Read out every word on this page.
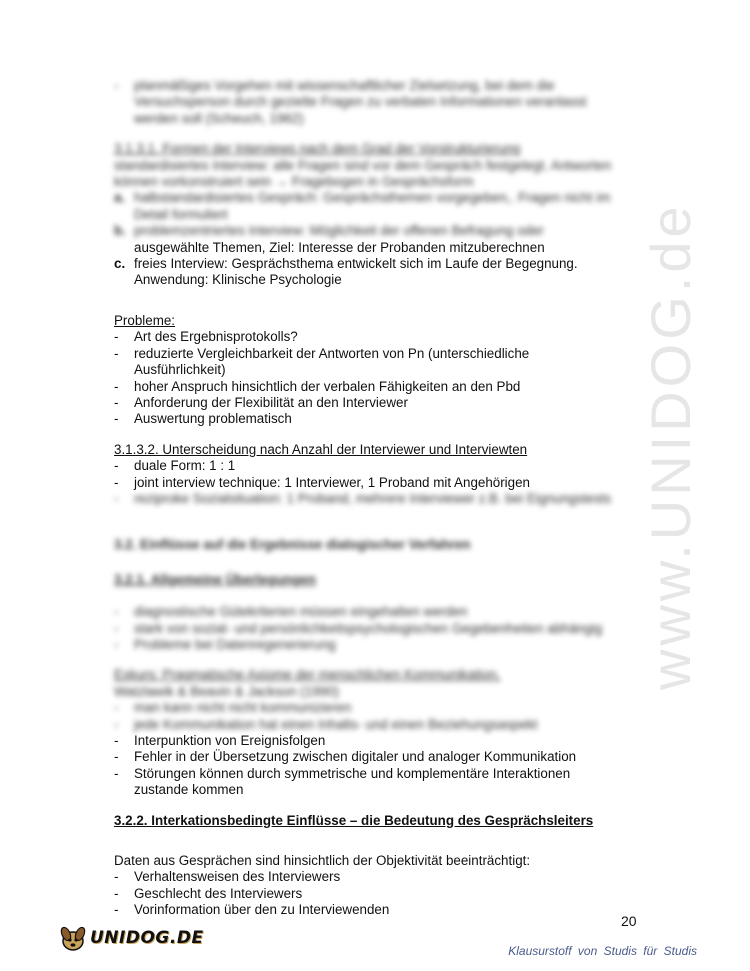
www.UNIDOG.de
-	planmäßiges Vorgehen mit wissenschaftlicher Zielsetzung, bei dem die
Versuchsperson durch gezielte Fragen zu verbalen Informationen veranlasst
werden soll (Scheuch, 1962)
3.1.3.1. Formen der Interviews nach dem Grad der Vorstrukturierung
standardisiertes Interview: alle Fragen sind vor dem Gespräch festgelegt. Antworten
können vorkonstruiert sein → Fragebogen in Gesprächsform
a. halbstandardisiertes Gespräch: Gesprächsthemen vorgegeben,. Fragen nicht im
Detail formuliert
b. problemzentriertes Interview: Möglichkeit der offenen Befragung oder
ausgewählte Themen, Ziel: Interesse der Probanden mitzuberechnen
c. freies Interview: Gesprächsthema entwickelt sich im Laufe der Begegnung.
Anwendung: Klinische Psychologie
Probleme:
-	Art des Ergebnisprotokolls?
-	reduzierte Vergleichbarkeit der Antworten von Pn (unterschiedliche Ausführlichkeit)
-	hoher Anspruch hinsichtlich der verbalen Fähigkeiten an den Pbd
-	Anforderung der Flexibilität an den Interviewer
-	Auswertung problematisch
3.1.3.2. Unterscheidung nach Anzahl der Interviewer und Interviewten
-	duale Form: 1 : 1
-	joint interview technique: 1 Interviewer, 1 Proband mit Angehörigen
-	reziproke Sozialsituation: 1 Proband, mehrere Interviewer z.B. bei Eignungstests
3.2. Einflüsse auf die Ergebnisse dialogischer Verfahren
3.2.1. Allgemeine Überlegungen
-	diagnostische Gütekriterien müssen eingehalten werden
-	stark von sozial- und persönlichkeitspsychologischen Gegebenheiten abhängig
-	Probleme bei Datenregenerierung
Exkurs: Pragmatische Axiome der menschlichen Kommunikation,
Watzlawik & Beavin & Jackson (1990)
-	man kann nicht nicht kommunizieren
-	jede Kommunikation hat einen Inhalts- und einen Beziehungsaspekt
-	Interpunktion von Ereignisfolgen
-	Fehler in der Übersetzung zwischen digitaler und analoger Kommunikation
-	Störungen können durch symmetrische und komplementäre Interaktionen zustande kommen
3.2.2. Interkationsbedingte Einflüsse – die Bedeutung des Gesprächsleiters
Daten aus Gesprächen sind hinsichtlich der Objektivität beeinträchtigt:
-	Verhaltensweisen des Interviewers
-	Geschlecht des Interviewers
-	Vorinformation über den zu Interviewenden
20
UNIDOG.DE
Klausurstoff von Studis für Studis
